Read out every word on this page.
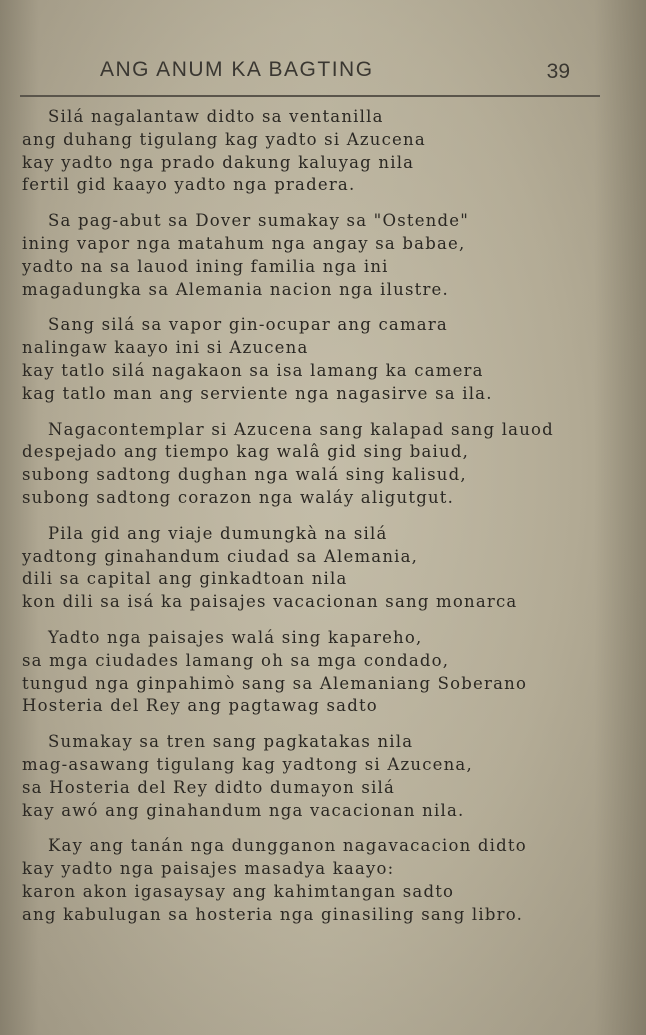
ANG ANUM KA BAGTING	39
Silá nagalantaw didto sa ventanilla
ang duhang tigulang kag yadto si Azucena
kay yadto nga prado dakung kaluyag nila
fertil gid kaayo yadto nga pradera.
Sa pag-abut sa Dover sumakay sa "Ostende"
ining vapor nga matahum nga angay sa babae,
yadto na sa lauod ining familia nga ini
magadungka sa Alemania nacion nga ilustre.
Sang silá sa vapor gin-ocupar ang camara
nalingaw kaayo ini si Azucena
kay tatlo silá nagakaon sa isa lamang ka camera
kag tatlo man ang serviente nga nagasirve sa ila.
Nagacontemplar si Azucena sang kalapad sang lauod
despejado ang tiempo kag walâ gid sing baiud,
subong sadtong dughan nga walá sing kalisud,
subong sadtong corazon nga waláy aligutgut.
Pila gid ang viaje dumungkà na silá
yadtong ginahandum ciudad sa Alemania,
dili sa capital ang ginkadtoan nila
kon dili sa isá ka paisajes vacacionan sang monarca
Yadto nga paisajes walá sing kapareho,
sa mga ciudades lamang oh sa mga condado,
tungud nga ginpahimò sang sa Alemaniang Soberano
Hosteria del Rey ang pagtawag sadto
Sumakay sa tren sang pagkatakas nila
mag-asawang tigulang kag yadtong si Azucena,
sa Hosteria del Rey didto dumayon silá
kay awó ang ginahandum nga vacacionan nila.
Kay ang tanán nga dungganon nagavacacion didto
kay yadto nga paisajes masadya kaayo:
karon akon igasaysay ang kahimtangan sadto
ang kabulugan sa hosteria nga ginasiling sang libro.
